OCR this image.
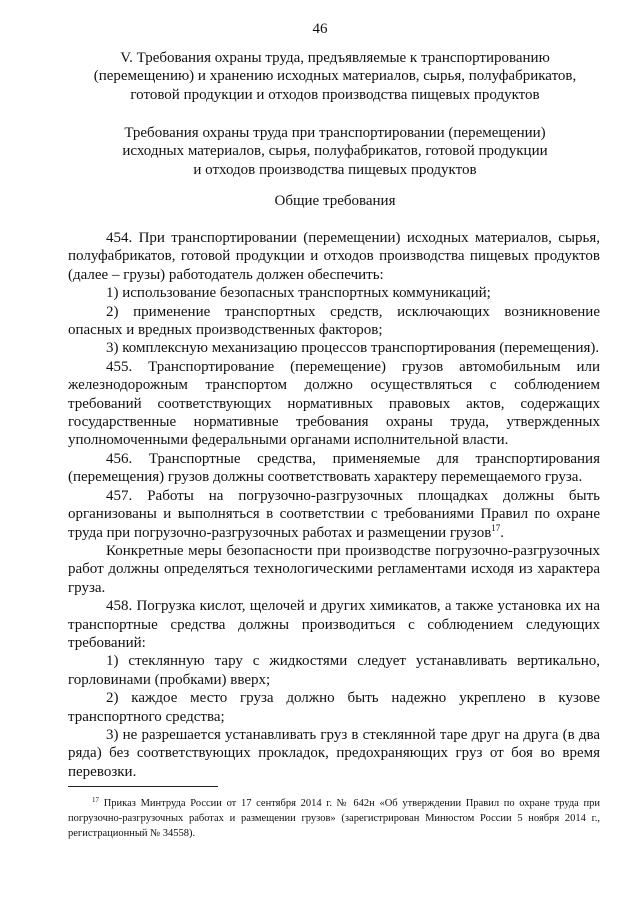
46
V. Требования охраны труда, предъявляемые к транспортированию
(перемещению) и хранению исходных материалов, сырья, полуфабрикатов,
готовой продукции и отходов производства пищевых продуктов
Требования охраны труда при транспортировании (перемещении)
исходных материалов, сырья, полуфабрикатов, готовой продукции
и отходов производства пищевых продуктов
Общие требования

454. При транспортировании (перемещении) исходных материалов, сырья, полуфабрикатов, готовой продукции и отходов производства пищевых продуктов (далее – грузы) работодатель должен обеспечить:

1) использование безопасных транспортных коммуникаций;

2) применение транспортных средств, исключающих возникновение опасных и вредных производственных факторов;

3) комплексную механизацию процессов транспортирования (перемещения).

455. Транспортирование (перемещение) грузов автомобильным или железнодорожным транспортом должно осуществляться с соблюдением требований соответствующих нормативных правовых актов, содержащих государственные нормативные требования охраны труда, утвержденных уполномоченными федеральными органами исполнительной власти.

456. Транспортные средства, применяемые для транспортирования (перемещения) грузов должны соответствовать характеру перемещаемого груза.

457. Работы на погрузочно-разгрузочных площадках должны быть организованы и выполняться в соответствии с требованиями Правил по охране труда при погрузочно-разгрузочных работах и размещении грузов$^{17}$.

Конкретные меры безопасности при производстве погрузочно-разгрузочных работ должны определяться технологическими регламентами исходя из характера груза.

458. Погрузка кислот, щелочей и других химикатов, а также установка их на транспортные средства должны производиться с соблюдением следующих требований:

1) стеклянную тару с жидкостями следует устанавливать вертикально, горловинами (пробками) вверх;

2) каждое место груза должно быть надежно укреплено в кузове транспортного средства;

3) не разрешается устанавливать груз в стеклянной таре друг на друга (в два ряда) без соответствующих прокладок, предохраняющих груз от боя во время перевозки.

$^{17}$ Приказ Минтруда России от 17 сентября 2014 г. № 642н «Об утверждении Правил по охране труда при погрузочно-разгрузочных работах и размещении грузов» (зарегистрирован Минюстом России 5 ноября 2014 г., регистрационный № 34558).
